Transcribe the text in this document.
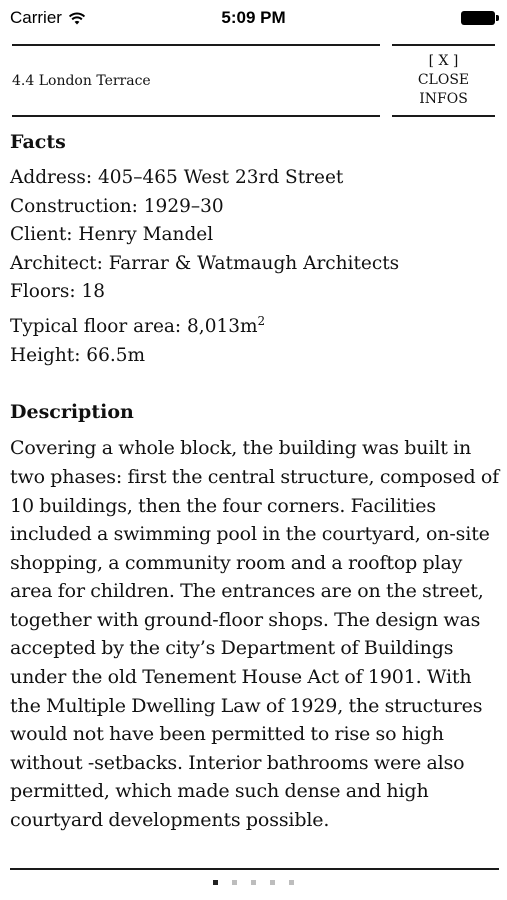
Carrier	5:09 PM
4.4 London Terrace
[ X ]
CLOSE
INFOS
Facts
Address: 405–465 West 23rd Street
Construction: 1929–30
Client: Henry Mandel
Architect: Farrar & Watmaugh Architects
Floors: 18
Typical floor area: $8,013m^2$
Height: 66.5m
Description
Covering a whole block, the building was built in two phases: first the central structure, composed of 10 buildings, then the four corners. Facilities included a swimming pool in the courtyard, on-site shopping, a community room and a rooftop play area for children. The entrances are on the street, together with ground-floor shops. The design was accepted by the city’s Department of Buildings under the old Tenement House Act of 1901. With the Multiple Dwelling Law of 1929, the structures would not have been permitted to rise so high without -setbacks. Interior bathrooms were also permitted, which made such dense and high courtyard developments possible.
